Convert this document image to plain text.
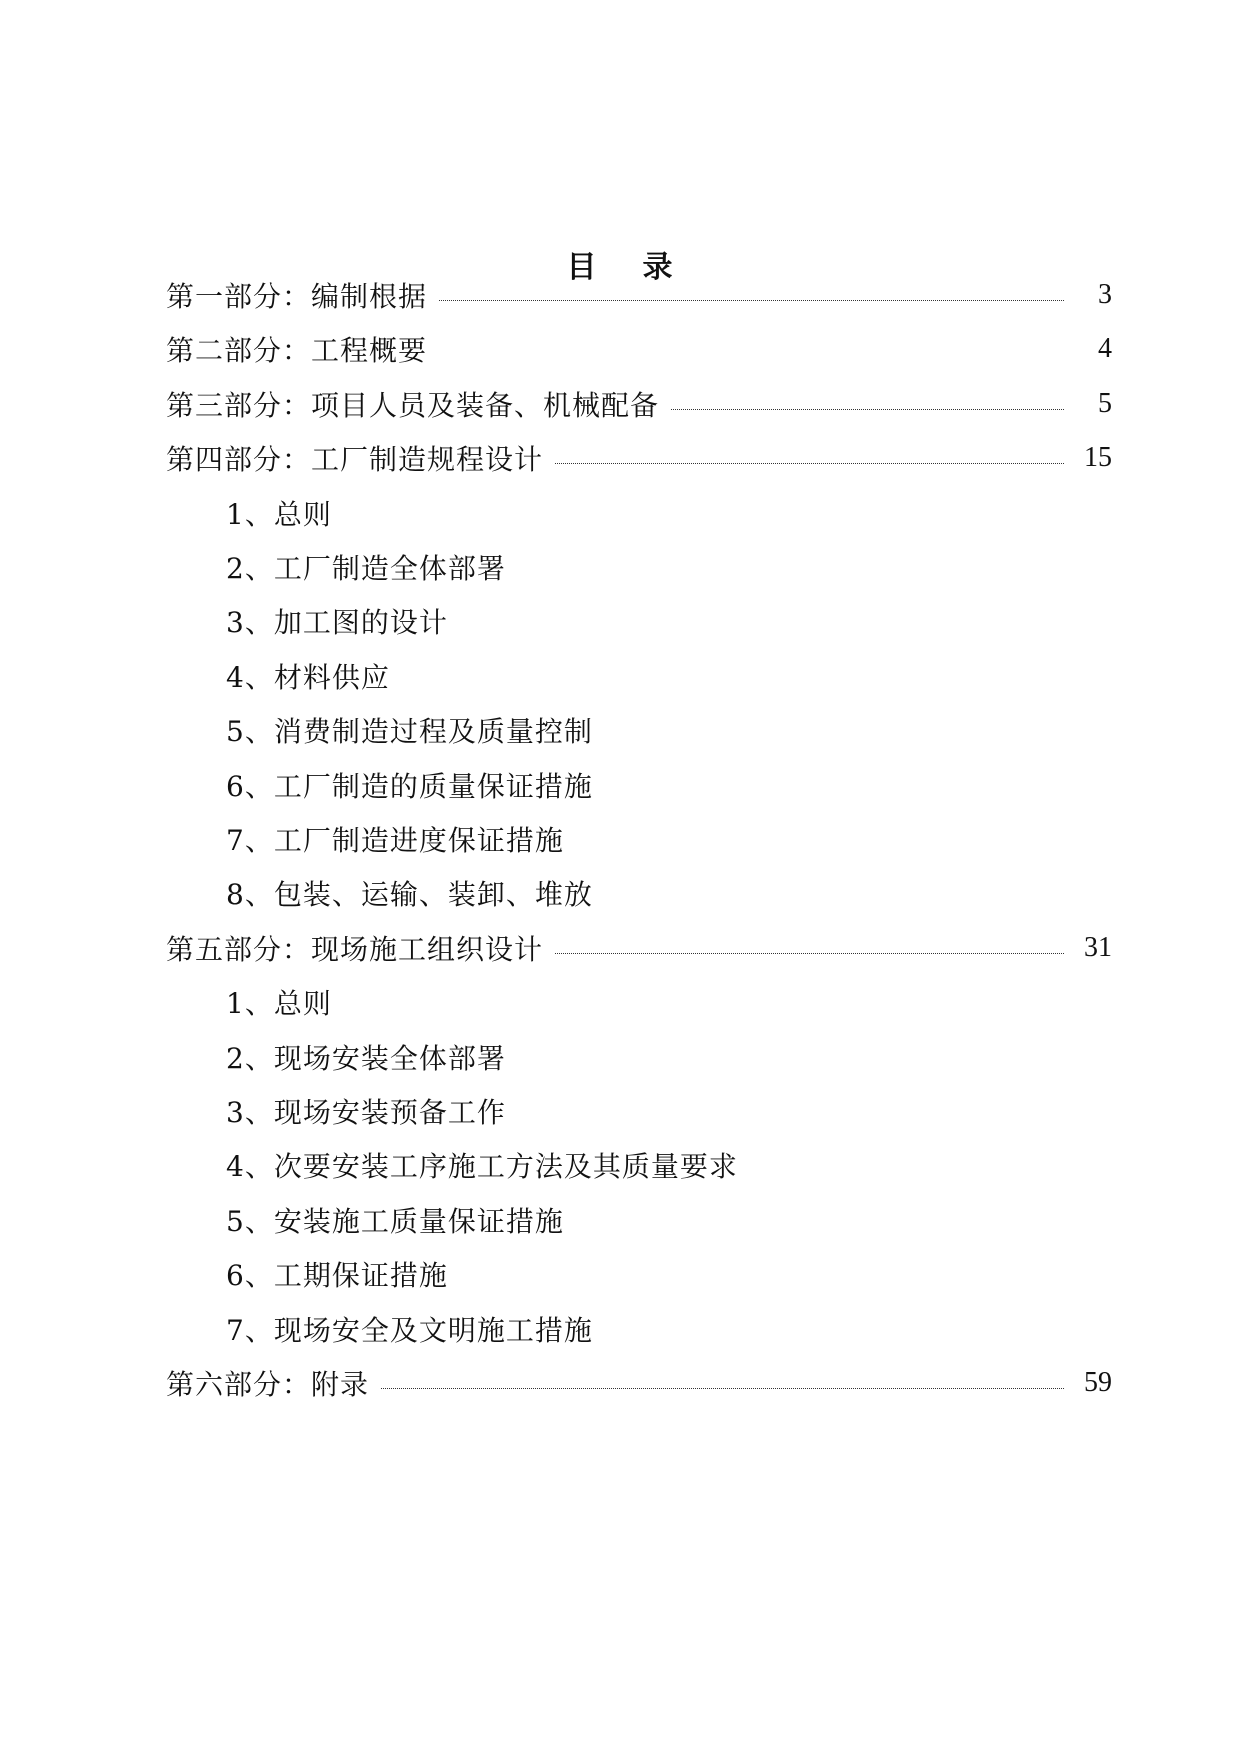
目 录
第一部分：编制根据	3
第二部分：工程概要	4
第三部分：项目人员及装备、机械配备	5
第四部分：工厂制造规程设计	15
1、总则
2、工厂制造全体部署
3、加工图的设计
4、材料供应
5、消费制造过程及质量控制
6、工厂制造的质量保证措施
7、工厂制造进度保证措施
8、包装、运输、装卸、堆放
第五部分：现场施工组织设计	31
1、总则
2、现场安装全体部署
3、现场安装预备工作
4、次要安装工序施工方法及其质量要求
5、安装施工质量保证措施
6、工期保证措施
7、现场安全及文明施工措施
第六部分：附录	59
